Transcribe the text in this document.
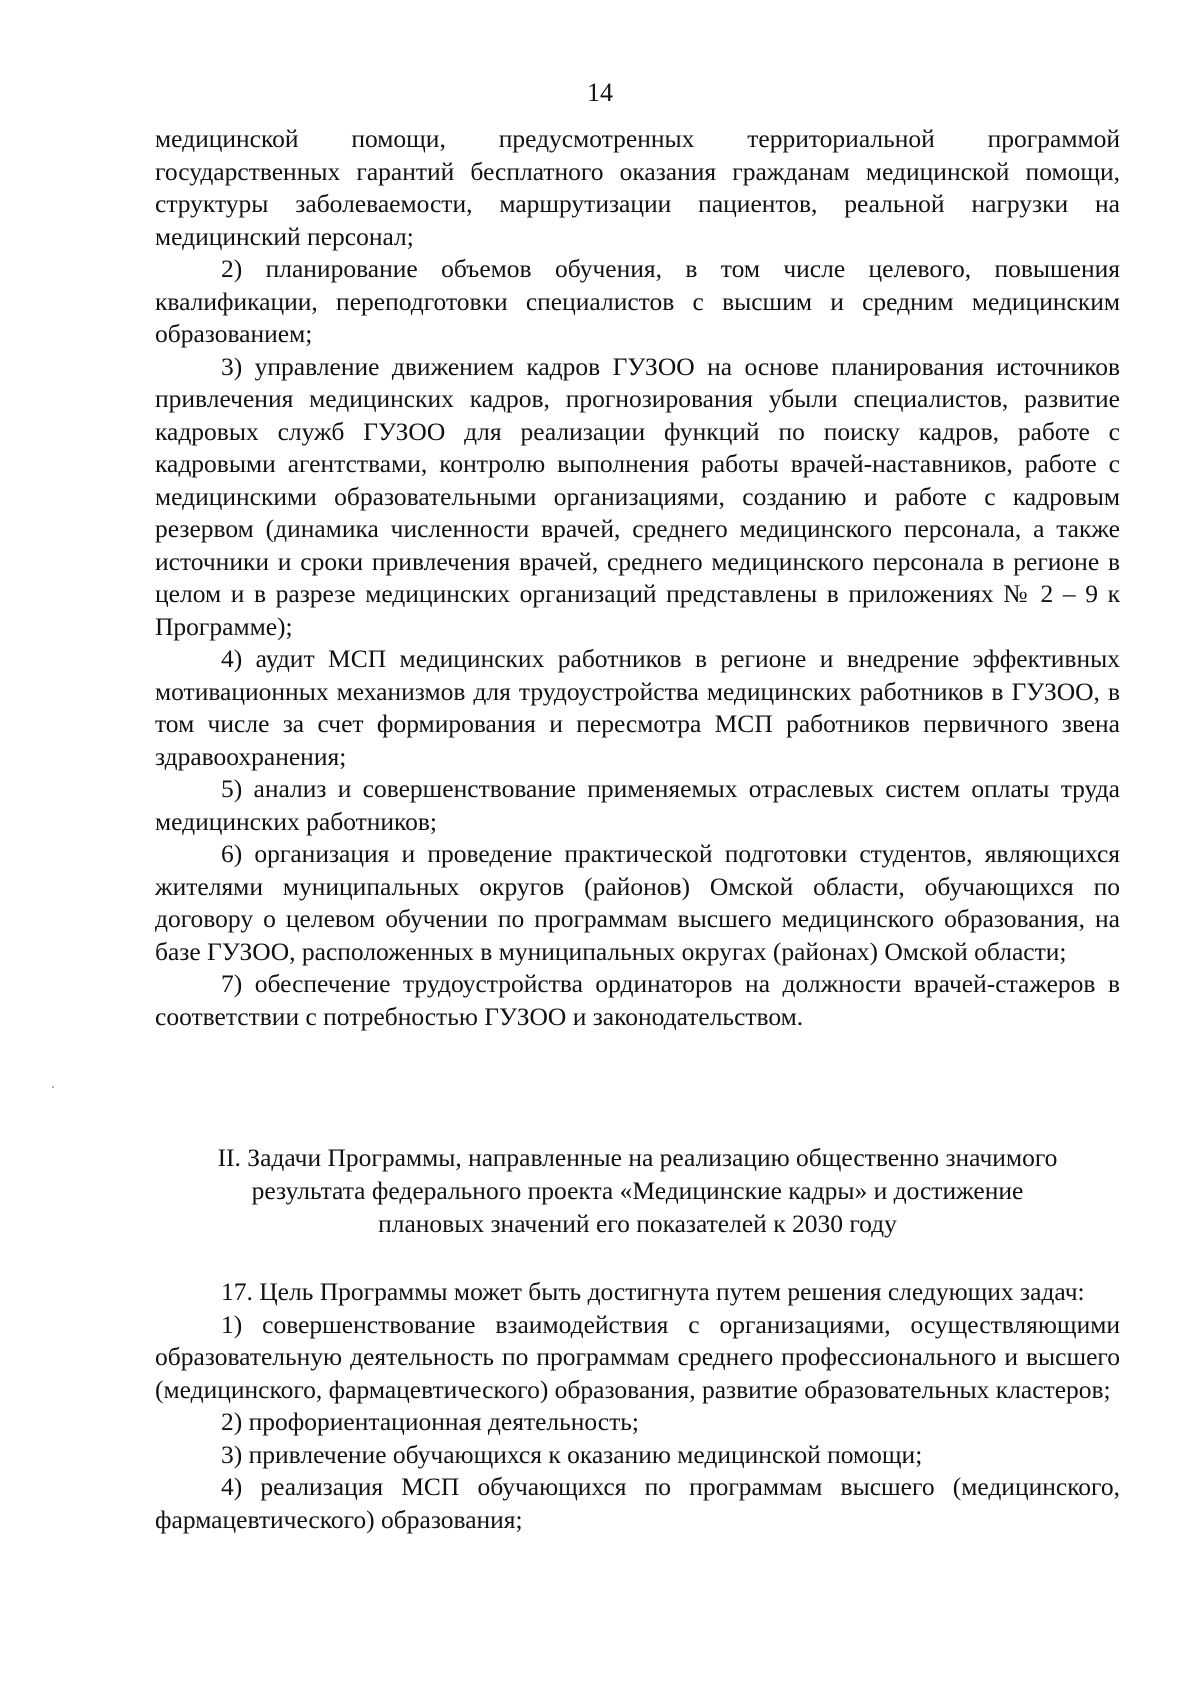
14

медицинской помощи, предусмотренных территориальной программой государственных гарантий бесплатного оказания гражданам медицинской помощи, структуры заболеваемости, маршрутизации пациентов, реальной нагрузки на медицинский персонал;

2) планирование объемов обучения, в том числе целевого, повышения квалификации, переподготовки специалистов с высшим и средним медицинским образованием;

3) управление движением кадров ГУЗОО на основе планирования источников привлечения медицинских кадров, прогнозирования убыли специалистов, развитие кадровых служб ГУЗОО для реализации функций по поиску кадров, работе с кадровыми агентствами, контролю выполнения работы врачей-наставников, работе с медицинскими образовательными организациями, созданию и работе с кадровым резервом (динамика численности врачей, среднего медицинского персонала, а также источники и сроки привлечения врачей, среднего медицинского персонала в регионе в целом и в разрезе медицинских организаций представлены в приложениях № 2 – 9 к Программе);

4) аудит МСП медицинских работников в регионе и внедрение эффективных мотивационных механизмов для трудоустройства медицинских работников в ГУЗОО, в том числе за счет формирования и пересмотра МСП работников первичного звена здравоохранения;

5) анализ и совершенствование применяемых отраслевых систем оплаты труда медицинских работников;

6) организация и проведение практической подготовки студентов, являющихся жителями муниципальных округов (районов) Омской области, обучающихся по договору о целевом обучении по программам высшего медицинского образования, на базе ГУЗОО, расположенных в муниципальных округах (районах) Омской области;

7) обеспечение трудоустройства ординаторов на должности врачей-стажеров в соответствии с потребностью ГУЗОО и законодательством.

II. Задачи Программы, направленные на реализацию общественно значимого
результата федерального проекта «Медицинские кадры» и достижение
плановых значений его показателей к 2030 году

17. Цель Программы может быть достигнута путем решения следующих задач:

1) совершенствование взаимодействия с организациями, осуществляющими образовательную деятельность по программам среднего профессионального и высшего (медицинского, фармацевтического) образования, развитие образовательных кластеров;

2) профориентационная деятельность;

3) привлечение обучающихся к оказанию медицинской помощи;

4) реализация МСП обучающихся по программам высшего (медицинского, фармацевтического) образования;
